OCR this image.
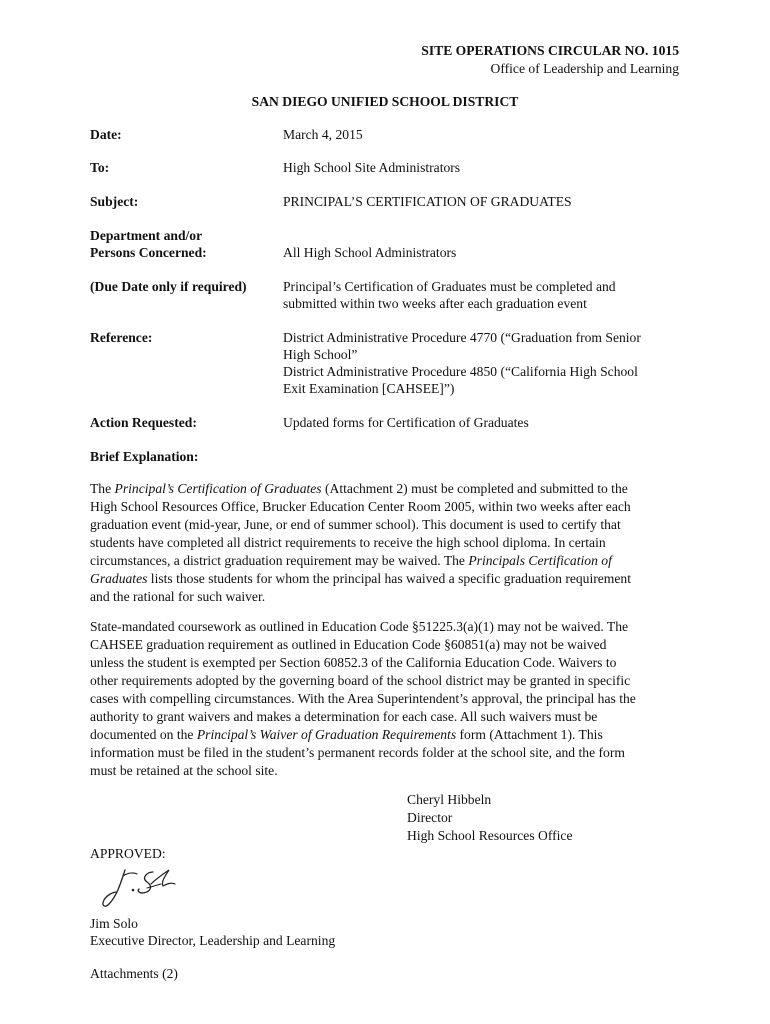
SITE OPERATIONS CIRCULAR NO. 1015
Office of Leadership and Learning
SAN DIEGO UNIFIED SCHOOL DISTRICT
Date:	March 4, 2015
To:	High School Site Administrators
Subject:	PRINCIPAL’S CERTIFICATION OF GRADUATES
Department and/or
Persons Concerned:	All High School Administrators
(Due Date only if required)	Principal’s Certification of Graduates must be completed and
submitted within two weeks after each graduation event
Reference:	District Administrative Procedure 4770 (“Graduation from Senior
High School”
District Administrative Procedure 4850 (“California High School
Exit Examination [CAHSEE]”)
Action Requested:	Updated forms for Certification of Graduates
Brief Explanation:
The Principal’s Certification of Graduates (Attachment 2) must be completed and submitted to the
High School Resources Office, Brucker Education Center Room 2005, within two weeks after each
graduation event (mid-year, June, or end of summer school). This document is used to certify that
students have completed all district requirements to receive the high school diploma. In certain
circumstances, a district graduation requirement may be waived. The Principals Certification of
Graduates lists those students for whom the principal has waived a specific graduation requirement
and the rational for such waiver.
State-mandated coursework as outlined in Education Code §51225.3(a)(1) may not be waived. The
CAHSEE graduation requirement as outlined in Education Code §60851(a) may not be waived
unless the student is exempted per Section 60852.3 of the California Education Code. Waivers to
other requirements adopted by the governing board of the school district may be granted in specific
cases with compelling circumstances. With the Area Superintendent’s approval, the principal has the
authority to grant waivers and makes a determination for each case. All such waivers must be
documented on the Principal’s Waiver of Graduation Requirements form (Attachment 1). This
information must be filed in the student’s permanent records folder at the school site, and the form
must be retained at the school site.
Cheryl Hibbeln
Director
High School Resources Office
APPROVED:
Jim Solo
Executive Director, Leadership and Learning
Attachments (2)
